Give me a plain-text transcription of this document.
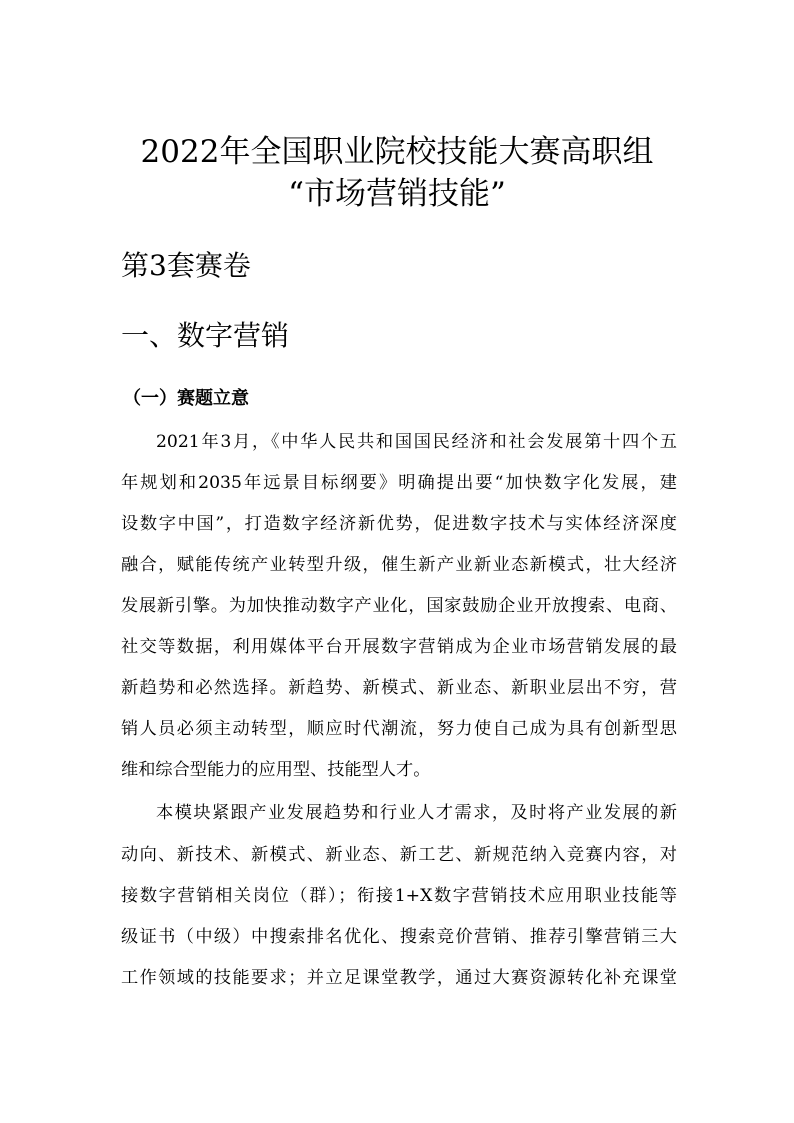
2022年全国职业院校技能大赛高职组
“市场营销技能”
第3套赛卷
一、数字营销
（一）赛题立意
2021年3月，《中华人民共和国国民经济和社会发展第十四个五
年规划和2035年远景目标纲要》明确提出要“加快数字化发展，建
设数字中国”，打造数字经济新优势，促进数字技术与实体经济深度
融合，赋能传统产业转型升级，催生新产业新业态新模式，壮大经济
发展新引擎。为加快推动数字产业化，国家鼓励企业开放搜索、电商、
社交等数据，利用媒体平台开展数字营销成为企业市场营销发展的最
新趋势和必然选择。新趋势、新模式、新业态、新职业层出不穷，营
销人员必须主动转型，顺应时代潮流，努力使自己成为具有创新型思
维和综合型能力的应用型、技能型人才。
本模块紧跟产业发展趋势和行业人才需求，及时将产业发展的新
动向、新技术、新模式、新业态、新工艺、新规范纳入竞赛内容，对
接数字营销相关岗位（群）；衔接1+X数字营销技术应用职业技能等
级证书（中级）中搜索排名优化、搜索竞价营销、推荐引擎营销三大
工作领域的技能要求；并立足课堂教学，通过大赛资源转化补充课堂
